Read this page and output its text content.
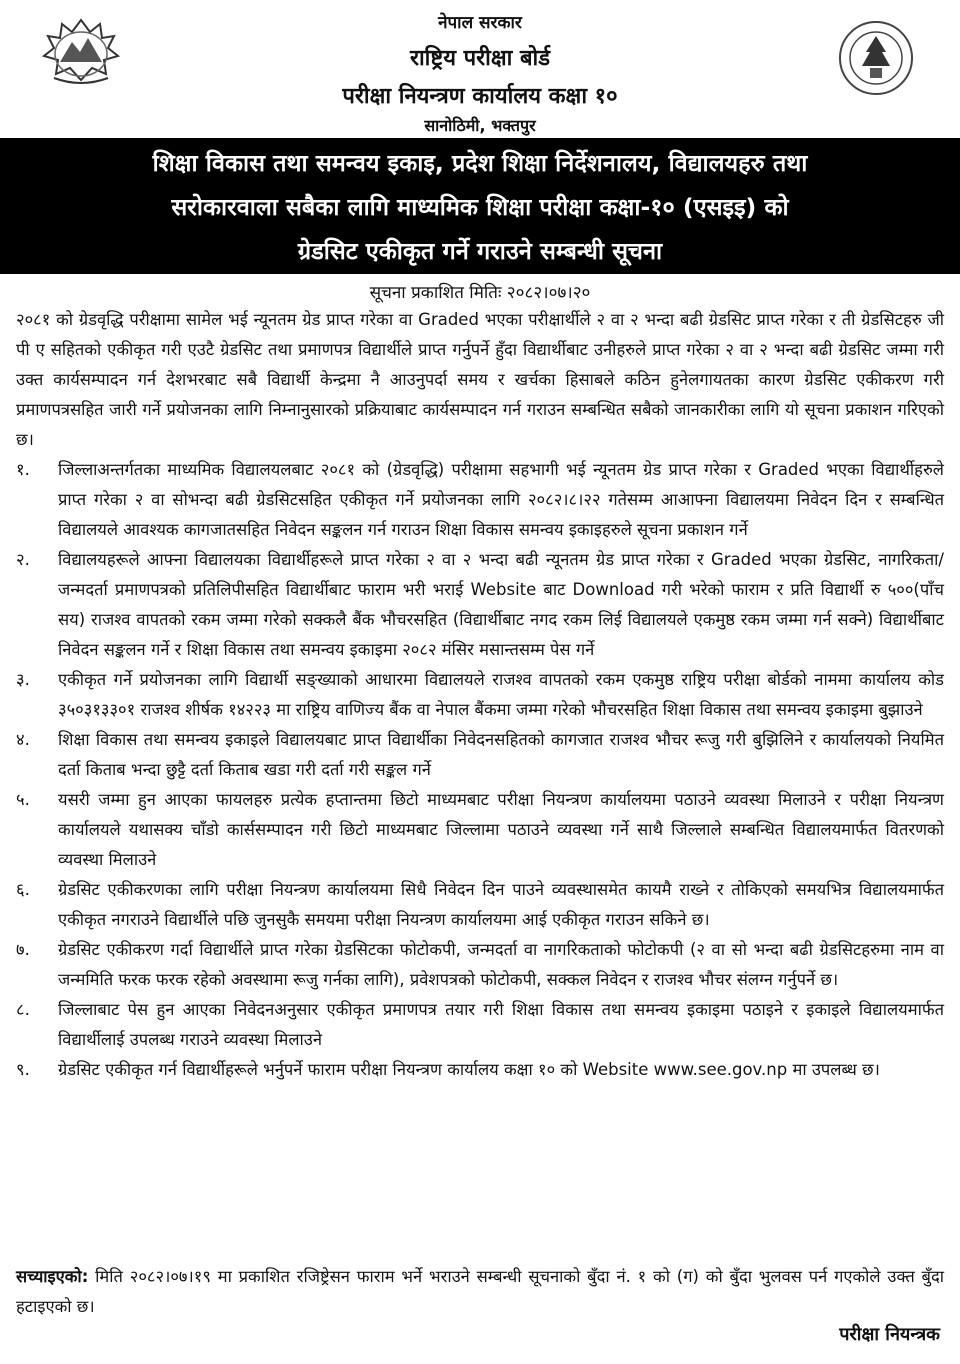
नेपाल सरकार
राष्ट्रिय परीक्षा बोर्ड
परीक्षा नियन्त्रण कार्यालय कक्षा १०
सानोठिमी, भक्तपुर
शिक्षा विकास तथा समन्वय इकाइ, प्रदेश शिक्षा निर्देशनालय, विद्यालयहरु तथा
सरोकारवाला सबैका लागि माध्यमिक शिक्षा परीक्षा कक्षा-१० (एसइइ) को
ग्रेडसिट एकीकृत गर्ने गराउने सम्बन्धी सूचना
सूचना प्रकाशित मितिः २०८२।०७।२०

२०८१ को ग्रेडवृद्धि परीक्षामा सामेल भई न्यूनतम ग्रेड प्राप्त गरेका वा Graded भएका परीक्षार्थीले २ वा २ भन्दा बढी ग्रेडसिट प्राप्त गरेका र ती ग्रेडसिटहरु जी पी ए सहितको एकीकृत गरी एउटै ग्रेडसिट तथा प्रमाणपत्र विद्यार्थीले प्राप्त गर्नुपर्ने हुँदा विद्यार्थीबाट उनीहरुले प्राप्त गरेका २ वा २ भन्दा बढी ग्रेडसिट जम्मा गरी उक्त कार्यसम्पादन गर्न देशभरबाट सबै विद्यार्थी केन्द्रमा नै आउनुपर्दा समय र खर्चका हिसाबले कठिन हुनेलगायतका कारण ग्रेडसिट एकीकरण गरी प्रमाणपत्रसहित जारी गर्ने प्रयोजनका लागि निम्नानुसारको प्रक्रियाबाट कार्यसम्पादन गर्न गराउन सम्बन्धित सबैको जानकारीका लागि यो सूचना प्रकाशन गरिएको छ।

१.	जिल्लाअन्तर्गतका माध्यमिक विद्यालयलबाट २०८१ को (ग्रेडवृद्धि) परीक्षामा सहभागी भई न्यूनतम ग्रेड प्राप्त गरेका र Graded भएका विद्यार्थीहरुले प्राप्त गरेका २ वा सोभन्दा बढी ग्रेडसिटसहित एकीकृत गर्ने प्रयोजनका लागि २०८२।८।२२ गतेसम्म आआफ्ना विद्यालयमा निवेदन दिन र सम्बन्धित विद्यालयले आवश्यक कागजातसहित निवेदन सङ्कलन गर्न गराउन शिक्षा विकास समन्वय इकाइहरुले सूचना प्रकाशन गर्ने
२.	विद्यालयहरूले आफ्ना विद्यालयका विद्यार्थीहरूले प्राप्त गरेका २ वा २ भन्दा बढी न्यूनतम ग्रेड प्राप्त गरेका र Graded भएका ग्रेडसिट, नागरिकता/जन्मदर्ता प्रमाणपत्रको प्रतिलिपीसहित विद्यार्थीबाट फाराम भरी भराई Website बाट Download गरी भरेको फाराम र प्रति विद्यार्थी रु ५००(पाँच सय) राजश्व वापतको रकम जम्मा गरेको सक्कलै बैंक भौचरसहित (विद्यार्थीबाट नगद रकम लिई विद्यालयले एकमुष्ठ रकम जम्मा गर्न सक्ने) विद्यार्थीबाट निवेदन सङ्कलन गर्ने र शिक्षा विकास तथा समन्वय इकाइमा २०८२ मंसिर मसान्तसम्म पेस गर्ने
३.	एकीकृत गर्ने प्रयोजनका लागि विद्यार्थी सङ्ख्याको आधारमा विद्यालयले राजश्व वापतको रकम एकमुष्ठ राष्ट्रिय परीक्षा बोर्डको नाममा कार्यालय कोड ३५०३१३३०१ राजश्व शीर्षक १४२२३ मा राष्ट्रिय वाणिज्य बैंक वा नेपाल बैंकमा जम्मा गरेको भौचरसहित शिक्षा विकास तथा समन्वय इकाइमा बुझाउने
४.	शिक्षा विकास तथा समन्वय इकाइले विद्यालयबाट प्राप्त विद्यार्थीका निवेदनसहितको कागजात राजश्व भौचर रूजु गरी बुझिलिने र कार्यालयको नियमित दर्ता किताब भन्दा छुट्टै दर्ता किताब खडा गरी दर्ता गरी सङ्कल गर्ने
५.	यसरी जम्मा हुन आएका फायलहरु प्रत्येक हप्तान्तमा छिटो माध्यमबाट परीक्षा नियन्त्रण कार्यालयमा पठाउने व्यवस्था मिलाउने र परीक्षा नियन्त्रण कार्यालयले यथासक्य चाँडो कार्ससम्पादन गरी छिटो माध्यमबाट जिल्लामा पठाउने व्यवस्था गर्ने साथै जिल्लाले सम्बन्धित विद्यालयमार्फत वितरणको व्यवस्था मिलाउने
६.	ग्रेडसिट एकीकरणका लागि परीक्षा नियन्त्रण कार्यालयमा सिधै निवेदन दिन पाउने व्यवस्थासमेत कायमै राख्ने र तोकिएको समयभित्र विद्यालयमार्फत एकीकृत नगराउने विद्यार्थीले पछि जुनसुकै समयमा परीक्षा नियन्त्रण कार्यालयमा आई एकीकृत गराउन सकिने छ।
७.	ग्रेडसिट एकीकरण गर्दा विद्यार्थीले प्राप्त गरेका ग्रेडसिटका फोटोकपी, जन्मदर्ता वा नागरिकताको फोटोकपी (२ वा सो भन्दा बढी ग्रेडसिटहरुमा नाम वा जन्ममिति फरक फरक रहेको अवस्थामा रूजु गर्नका लागि), प्रवेशपत्रको फोटोकपी, सक्कल निवेदन र राजश्व भौचर संलग्न गर्नुपर्ने छ।
८.	जिल्लाबाट पेस हुन आएका निवेदनअनुसार एकीकृत प्रमाणपत्र तयार गरी शिक्षा विकास तथा समन्वय इकाइमा पठाइने र इकाइले विद्यालयमार्फत विद्यार्थीलाई उपलब्ध गराउने व्यवस्था मिलाउने
९.	ग्रेडसिट एकीकृत गर्न विद्यार्थीहरूले भर्नुपर्ने फाराम परीक्षा नियन्त्रण कार्यालय कक्षा १० को Website www.see.gov.np मा उपलब्ध छ।

सच्याइएको: मिति २०८२।०७।१९ मा प्रकाशित रजिष्ट्रेसन फाराम भर्ने भराउने सम्बन्धी सूचनाको बुँदा नं. १ को (ग) को बुँदा भुलवस पर्न गएकोले उक्त बुँदा हटाइएको छ।

परीक्षा नियन्त्रक
